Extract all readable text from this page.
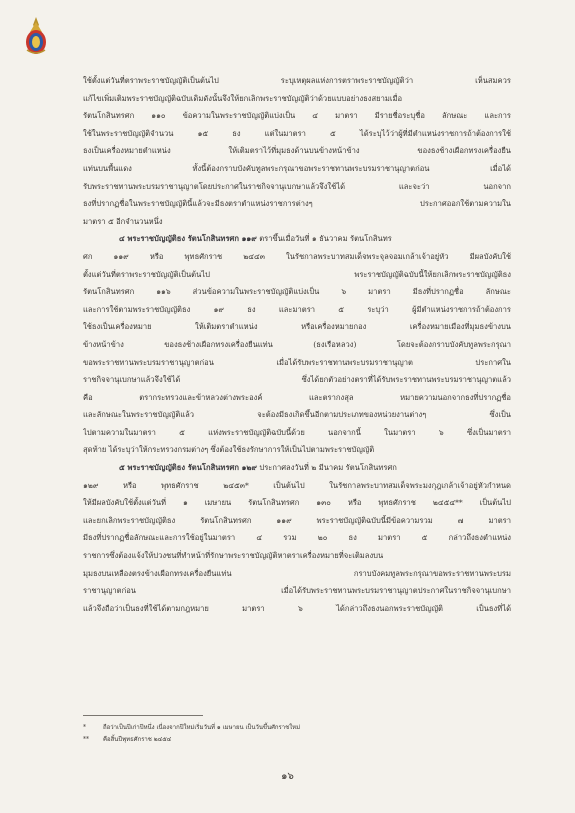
ใช้ตั้งแต่วันที่ตราพระราชบัญญัติเป็นต้นไป ระบุเหตุผลแห่งการตราพระราชบัญญัติว่า เห็นสมควร
แก้ไขเพิ่มเติมพระราชบัญญัติฉบับเดิมดังนั้นจึงให้ยกเลิกพระราชบัญญัติว่าด้วยแบบอย่างธงสยามเมื่อ
รัตนโกสินทรศก ๑๑๐ ข้อความในพระราชบัญญัติแบ่งเป็น ๔ มาตรา มีรายชื่อระบุชื่อ ลักษณะ และการ
ใช้ในพระราชบัญญัติจำนวน ๑๕ ธง แต่ในมาตรา ๕ ได้ระบุไว้ว่าผู้ที่มีตำแหน่งราชการถ้าต้องการใช้
ธงเป็นเครื่องหมายตำแหน่ง ให้เติมตราไว้ที่มุมธงด้านบนข้างหน้าข้าง ของธงช้างเผือกทรงเครื่องยืน
แท่นบนพื้นแดง ทั้งนี้ต้องกราบบังคับทูลพระกรุณาขอพระราชทานพระบรมราชานุญาตก่อน เมื่อได้
รับพระราชทานพระบรมราชานุญาตโดยประกาศในราชกิจจานุเบกษาแล้วจึงใช้ได้ และจะว่า นอกจาก
ธงที่ปรากฏชื่อในพระราชบัญญัตินี้แล้วจะมีธงตราตำแหน่งราชการต่างๆ ประกาศออกใช้ตามความใน
มาตรา ๕ อีกจำนวนหนึ่ง
๔ พระราชบัญญัติธง รัตนโกสินทรศก ๑๑๙ ตราขึ้นเมื่อวันที่ ๑ ธันวาคม รัตนโกสินทร
ศก ๑๑๙ หรือ พุทธศักราช ๒๔๔๓ ในรัชกาลพระบาทสมเด็จพระจุลจอมเกล้าเจ้าอยู่หัว มีผลบังคับใช้
ตั้งแต่วันที่ตราพระราชบัญญัติเป็นต้นไป พระราชบัญญัติฉบับนี้ให้ยกเลิกพระราชบัญญัติธง
รัตนโกสินทรศก ๑๑๖ ส่วนข้อความในพระราชบัญญัติแบ่งเป็น ๖ มาตรา มีธงที่ปรากฏชื่อ ลักษณะ
และการใช้ตามพระราชบัญญัติธง ๑๙ ธง และมาตรา ๕ ระบุว่า ผู้มีตำแหน่งราชการถ้าต้องการ
ใช้ธงเป็นเครื่องหมาย ให้เติมตราตำแหน่ง หรือเครื่องหมายกอง เครื่องหมายเมืองที่มุมธงข้างบน
ข้างหน้าข้าง ของธงช้างเผือกทรงเครื่องยืนแท่น (ธงเรือหลวง) โดยจะต้องกราบบังคับทูลพระกรุณา
ขอพระราชทานพระบรมราชานุญาตก่อน เมื่อได้รับพระราชทานพระบรมราชานุญาต ประกาศใน
ราชกิจจานุเบกษาแล้วจึงใช้ได้ ซึ่งได้ยกตัวอย่างตราที่ได้รับพระราชทานพระบรมราชานุญาตแล้ว
คือ ตรากระทรวงและข้าหลวงต่างพระองค์ และตรากงสุล หมายความนอกจากธงที่ปรากฏชื่อ
และลักษณะในพระราชบัญญัติแล้ว จะต้องมีธงเกิดขึ้นอีกตามประเภทของหน่วยงานต่างๆ ซึ่งเป็น
ไปตามความในมาตรา ๕ แห่งพระราชบัญญัติฉบับนี้ด้วย นอกจากนี้ ในมาตรา ๖ ซึ่งเป็นมาตรา
สุดท้าย ได้ระบุว่าให้กระทรวงกรมต่างๆ ซึ่งต้องใช้ธงรักษาการให้เป็นไปตามพระราชบัญญัติ
๕ พระราชบัญญัติธง รัตนโกสินทรศก ๑๒๙ ประกาศลงวันที่ ๒ มีนาคม รัตนโกสินทรศก
๑๒๙ หรือ พุทธศักราช ๒๔๕๓* เป็นต้นไป ในรัชกาลพระบาทสมเด็จพระมงกุฎเกล้าเจ้าอยู่หัวกำหนด
ให้มีผลบังคับใช้ตั้งแต่วันที่ ๑ เมษายน รัตนโกสินทรศก ๑๓๐ หรือ พุทธศักราช ๒๔๕๔** เป็นต้นไป
และยกเลิกพระราชบัญญัติธง รัตนโกสินทรศก ๑๑๙ พระราชบัญญัติฉบับนี้มีข้อความรวม ๗ มาตรา
มีธงที่ปรากฏชื่อลักษณะและการใช้อยู่ในมาตรา ๔ รวม ๒๐ ธง มาตรา ๕ กล่าวถึงธงตำแหน่ง
ราชการซึ่งต้องแจ้งให้ปวงชนที่ทำหน้าที่รักษาพระราชบัญญัติหาตราเครื่องหมายที่จะเติมลงบน
มุมธงบนเหลืองตรงข้างเผือกทรงเครื่องยืนแท่น กราบบังคมทูลพระกรุณาขอพระราชทานพระบรม
ราชานุญาตก่อน เมื่อได้รับพระราชทานพระบรมราชานุญาตประกาศในราชกิจจานุเบกษา
แล้วจึงถือว่าเป็นธงที่ใช้ได้ตามกฎหมาย มาตรา ๖ ได้กล่าวถึงธงนอกพระราชบัญญัติ เป็นธงที่ได้
*	ถือว่าเป็นปีเก่าปีหนึ่ง เนื่องจากปีใหม่เริ่มวันที่ ๑ เมษายน เป็นวันขึ้นศักราชใหม่
**	คือสิ้นปีพุทธศักราช ๒๔๕๔
๑๖
